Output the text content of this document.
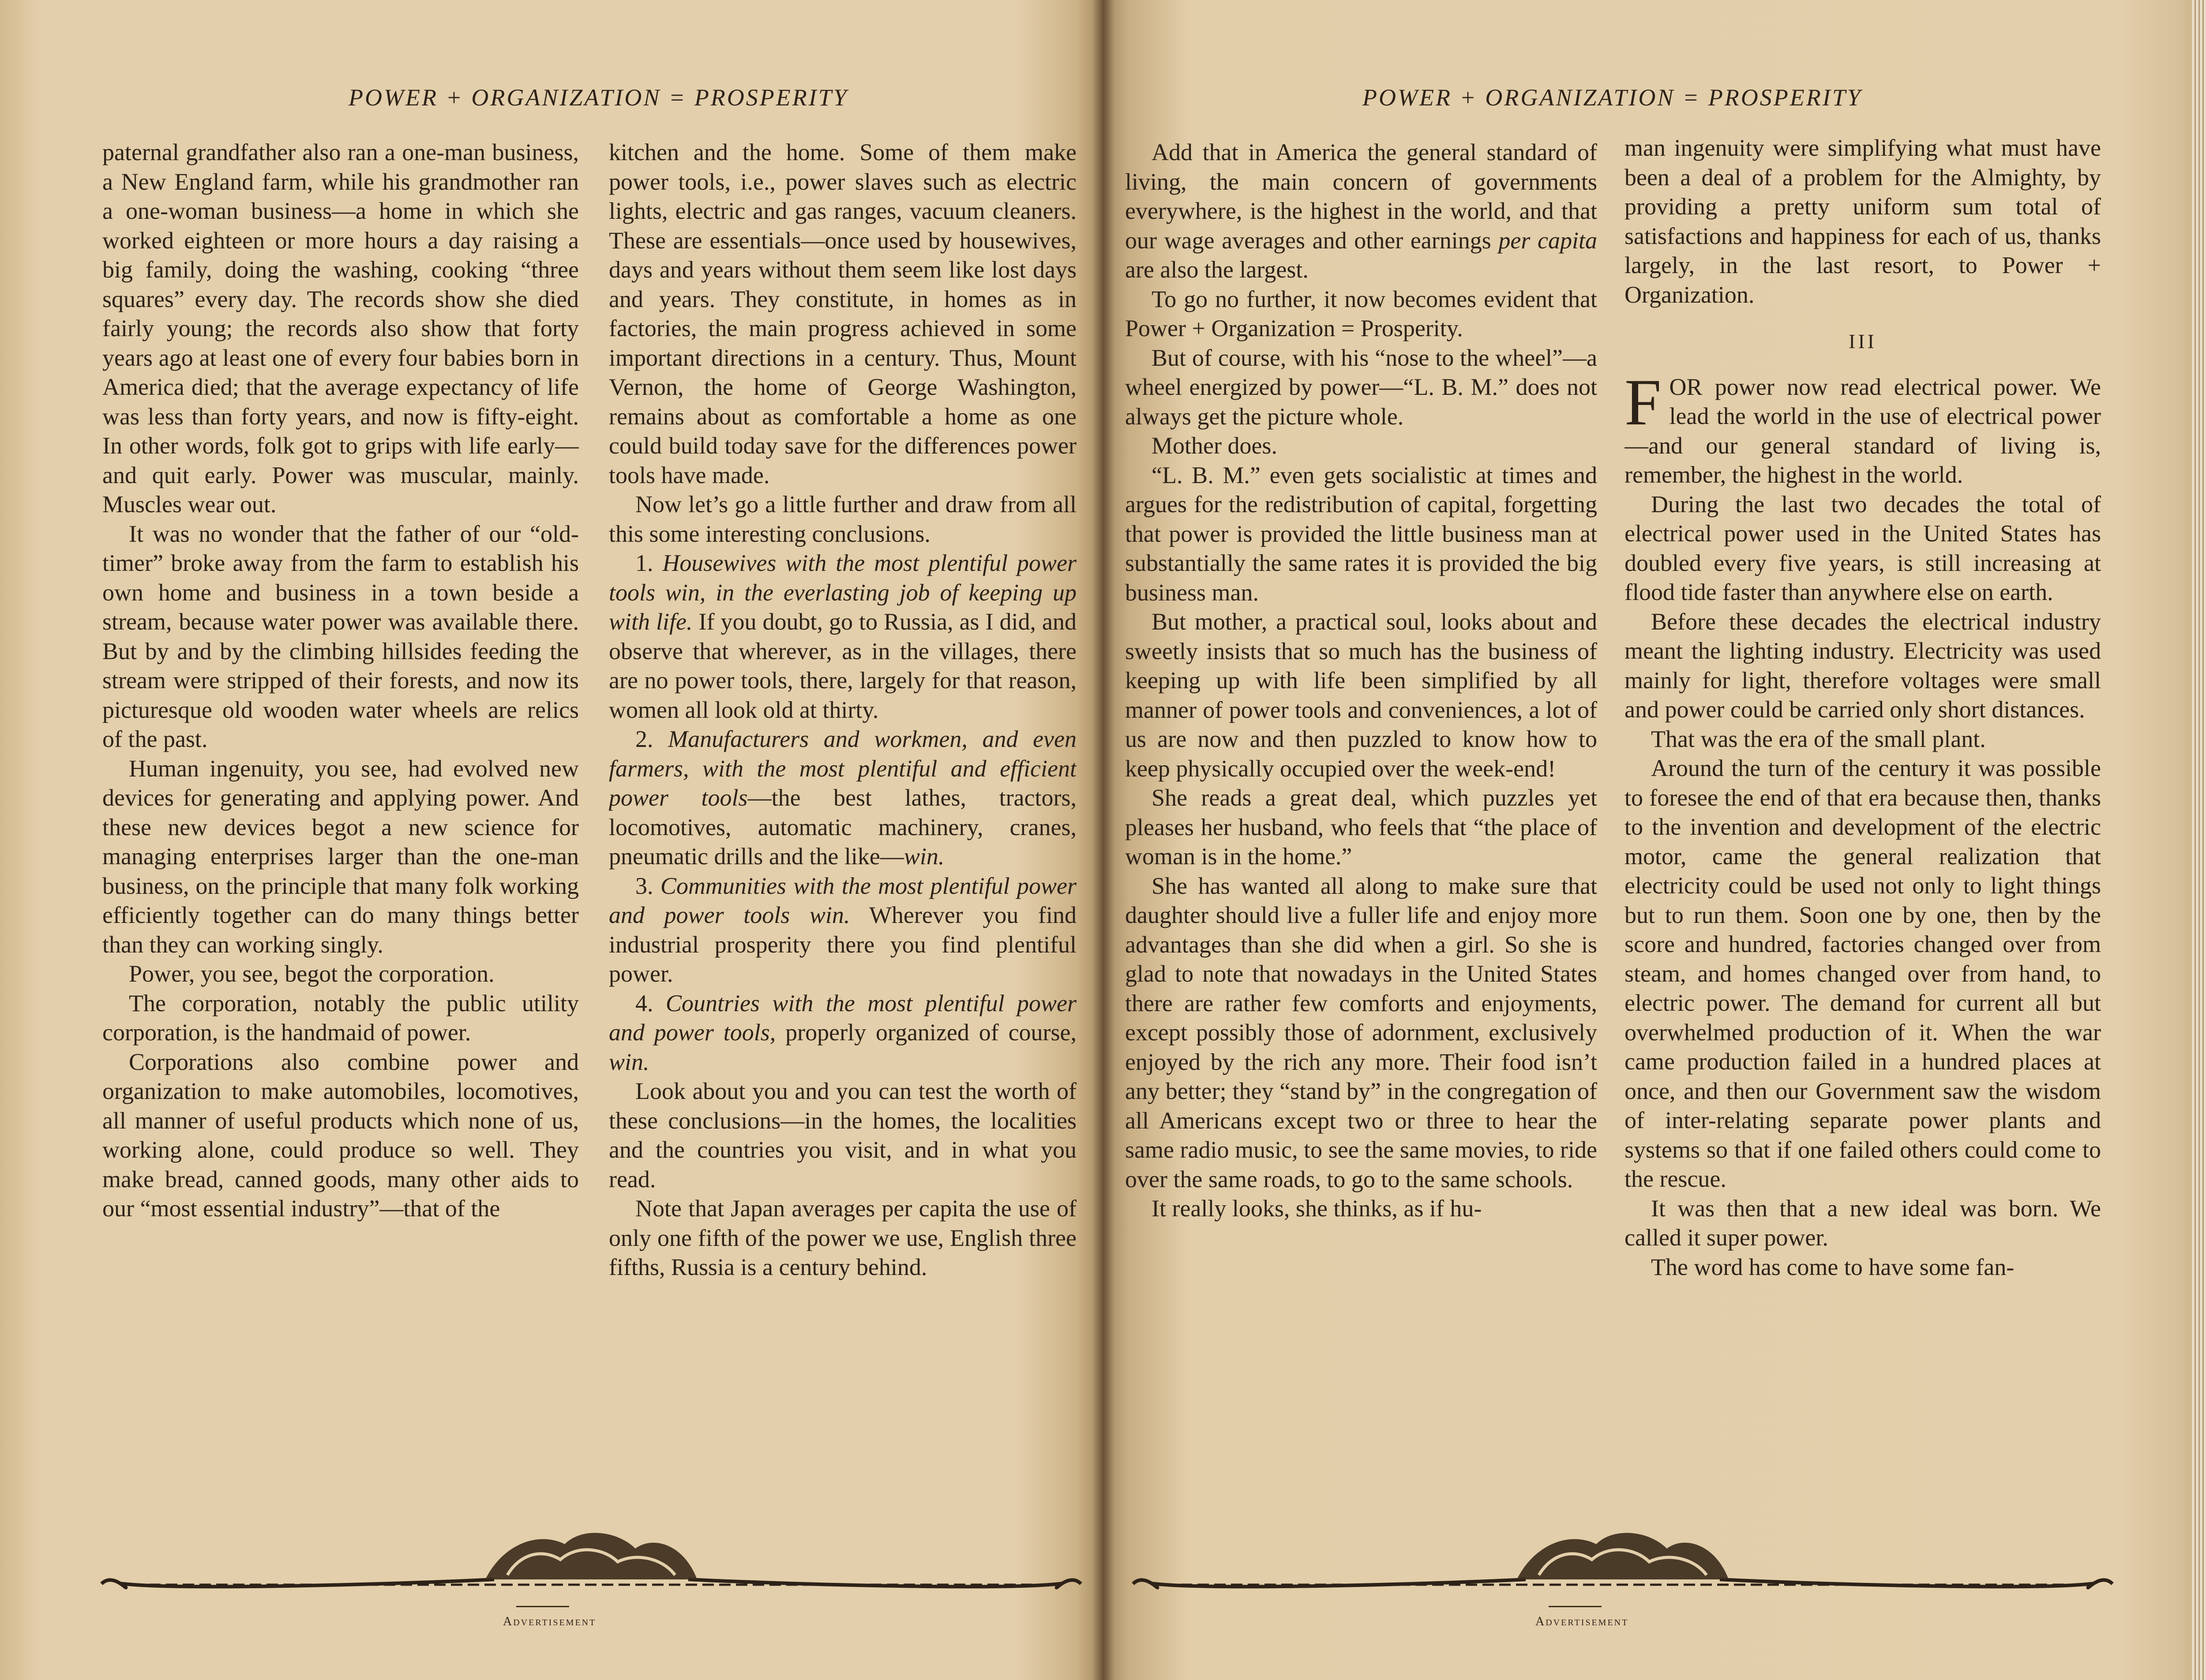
POWER + ORGANIZATION = PROSPERITY

paternal grandfather also ran a one-man business, a New England farm, while his grandmother ran a one-woman business—a home in which she worked eighteen or more hours a day raising a big family, doing the washing, cooking “three squares” every day. The records show she died fairly young; the records also show that forty years ago at least one of every four babies born in America died; that the average expectancy of life was less than forty years, and now is fifty-eight. In other words, folk got to grips with life early—and quit early. Power was muscular, mainly. Muscles wear out.

It was no wonder that the father of our “old-timer” broke away from the farm to establish his own home and business in a town beside a stream, because water power was available there. But by and by the climbing hillsides feeding the stream were stripped of their forests, and now its picturesque old wooden water wheels are relics of the past.

Human ingenuity, you see, had evolved new devices for generating and applying power. And these new devices begot a new science for managing enterprises larger than the one-man business, on the principle that many folk working efficiently together can do many things better than they can working singly.

Power, you see, begot the corporation.

The corporation, notably the public utility corporation, is the handmaid of power.

Corporations also combine power and organization to make automobiles, locomotives, all manner of useful products which none of us, working alone, could produce so well. They make bread, canned goods, many other aids to our “most essential industry”—that of the

kitchen and the home. Some of them make power tools, i.e., power slaves such as electric lights, electric and gas ranges, vacuum cleaners. These are essentials—once used by housewives, days and years without them seem like lost days and years. They constitute, in homes as in factories, the main progress achieved in some important directions in a century. Thus, Mount Vernon, the home of George Washington, remains about as comfortable a home as one could build today save for the differences power tools have made.

Now let’s go a little further and draw from all this some interesting conclusions.

1. Housewives with the most plentiful power tools win, in the everlasting job of keeping up with life. If you doubt, go to Russia, as I did, and observe that wherever, as in the villages, there are no power tools, there, largely for that reason, women all look old at thirty.

2. Manufacturers and workmen, and even farmers, with the most plentiful and efficient power tools—the best lathes, tractors, locomotives, automatic machinery, cranes, pneumatic drills and the like—win.

3. Communities with the most plentiful power and power tools win. Wherever you find industrial prosperity there you find plentiful power.

4. Countries with the most plentiful power and power tools, properly organized of course, win.

Look about you and you can test the worth of these conclusions—in the homes, the localities and the countries you visit, and in what you read.

Note that Japan averages per capita the use of only one fifth of the power we use, English three fifths, Russia is a century behind.

Advertisement
POWER + ORGANIZATION = PROSPERITY

Add that in America the general standard of living, the main concern of governments everywhere, is the highest in the world, and that our wage averages and other earnings per capita are also the largest.

To go no further, it now becomes evident that Power + Organization = Prosperity.

But of course, with his “nose to the wheel”—a wheel energized by power—“L. B. M.” does not always get the picture whole.

Mother does.

“L. B. M.” even gets socialistic at times and argues for the redistribution of capital, forgetting that power is provided the little business man at substantially the same rates it is provided the big business man.

But mother, a practical soul, looks about and sweetly insists that so much has the business of keeping up with life been simplified by all manner of power tools and conveniences, a lot of us are now and then puzzled to know how to keep physically occupied over the week-end!

She reads a great deal, which puzzles yet pleases her husband, who feels that “the place of woman is in the home.”

She has wanted all along to make sure that daughter should live a fuller life and enjoy more advantages than she did when a girl. So she is glad to note that nowadays in the United States there are rather few comforts and enjoyments, except possibly those of adornment, exclusively enjoyed by the rich any more. Their food isn’t any better; they “stand by” in the congregation of all Americans except two or three to hear the same radio music, to see the same movies, to ride over the same roads, to go to the same schools.

It really looks, she thinks, as if hu-

man ingenuity were simplifying what must have been a deal of a problem for the Almighty, by providing a pretty uniform sum total of satisfactions and happiness for each of us, thanks largely, in the last resort, to Power + Organization.

III

FOR power now read electrical power. We lead the world in the use of electrical power—and our general standard of living is, remember, the highest in the world.

During the last two decades the total of electrical power used in the United States has doubled every five years, is still increasing at flood tide faster than anywhere else on earth.

Before these decades the electrical industry meant the lighting industry. Electricity was used mainly for light, therefore voltages were small and power could be carried only short distances.

That was the era of the small plant.

Around the turn of the century it was possible to foresee the end of that era because then, thanks to the invention and development of the electric motor, came the general realization that electricity could be used not only to light things but to run them. Soon one by one, then by the score and hundred, factories changed over from steam, and homes changed over from hand, to electric power. The demand for current all but overwhelmed production of it. When the war came production failed in a hundred places at once, and then our Government saw the wisdom of inter-relating separate power plants and systems so that if one failed others could come to the rescue.

It was then that a new ideal was born. We called it super power.

The word has come to have some fan-

Advertisement
